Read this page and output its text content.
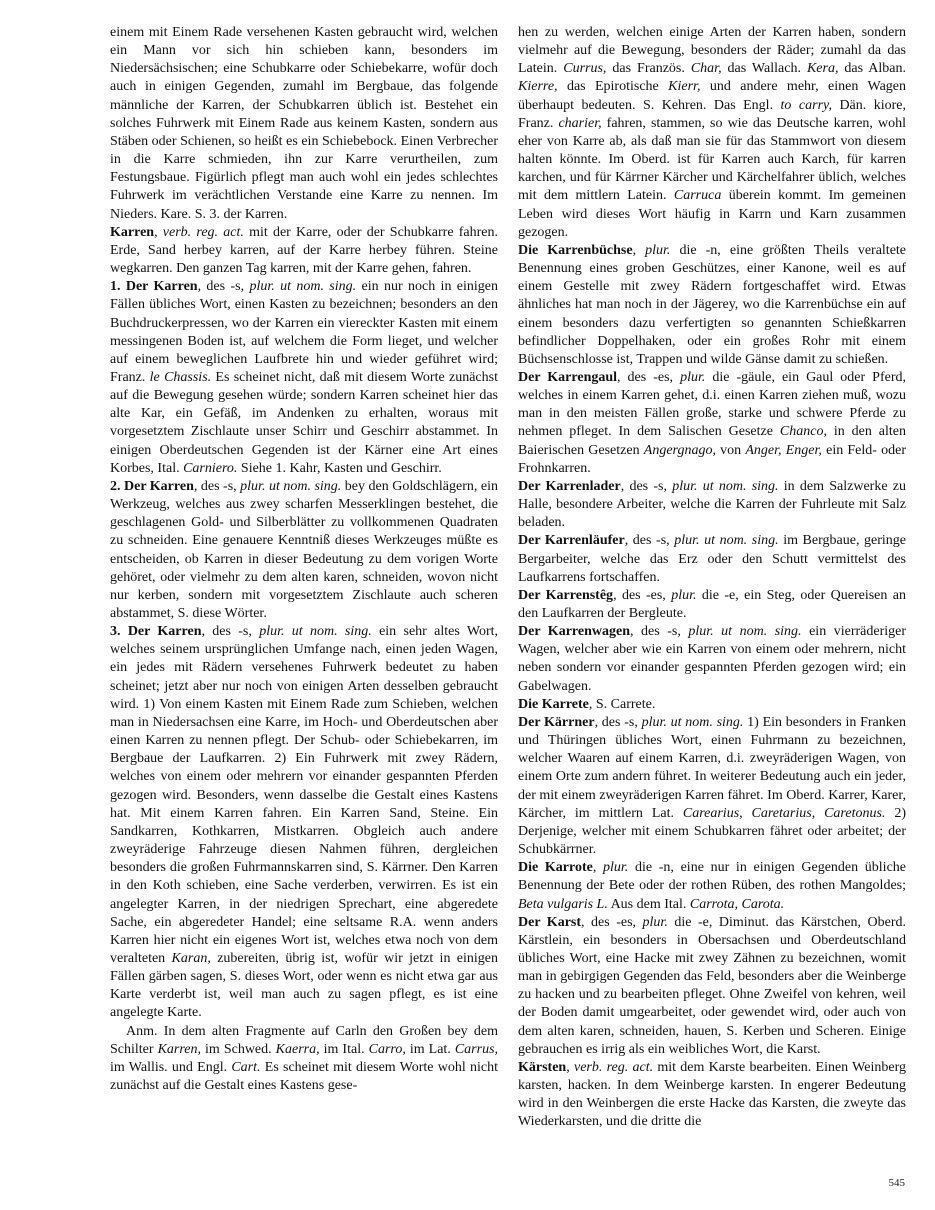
einem mit Einem Rade versehenen Kasten gebraucht wird, welchen ein Mann vor sich hin schieben kann, besonders im Niedersächsischen; eine Schubkarre oder Schiebekarre, wofür doch auch in einigen Gegenden, zumahl im Bergbaue, das folgende männliche der Karren, der Schubkarren üblich ist. Bestehet ein solches Fuhrwerk mit Einem Rade aus keinem Kasten, sondern aus Stäben oder Schienen, so heißt es ein Schiebebock. Einen Verbrecher in die Karre schmieden, ihn zur Karre verurtheilen, zum Festungsbaue. Figürlich pflegt man auch wohl ein jedes schlechtes Fuhrwerk im verächtlichen Verstande eine Karre zu nennen. Im Nieders. Kare. S. 3. der Karren.

Karren, verb. reg. act. mit der Karre, oder der Schubkarre fahren. Erde, Sand herbey karren, auf der Karre herbey führen. Steine wegkarren. Den ganzen Tag karren, mit der Karre gehen, fahren.

1. Der Karren, des -s, plur. ut nom. sing. ein nur noch in einigen Fällen übliches Wort, einen Kasten zu bezeichnen; besonders an den Buchdruckerpressen, wo der Karren ein viereckter Kasten mit einem messingenen Boden ist, auf welchem die Form lieget, und welcher auf einem beweglichen Laufbrete hin und wieder geführet wird; Franz. le Chassis. Es scheinet nicht, daß mit diesem Worte zunächst auf die Bewegung gesehen würde; sondern Karren scheinet hier das alte Kar, ein Gefäß, im Andenken zu erhalten, woraus mit vorgesetztem Zischlaute unser Schirr und Geschirr abstammet. In einigen Oberdeutschen Gegenden ist der Kärner eine Art eines Korbes, Ital. Carniero. Siehe 1. Kahr, Kasten und Geschirr.

2. Der Karren, des -s, plur. ut nom. sing. bey den Goldschlägern, ein Werkzeug, welches aus zwey scharfen Messerklingen bestehet, die geschlagenen Gold- und Silberblätter zu vollkommenen Quadraten zu schneiden. Eine genauere Kenntniß dieses Werkzeuges müßte es entscheiden, ob Karren in dieser Bedeutung zu dem vorigen Worte gehöret, oder vielmehr zu dem alten karen, schneiden, wovon nicht nur kerben, sondern mit vorgesetztem Zischlaute auch scheren abstammet, S. diese Wörter.

3. Der Karren, des -s, plur. ut nom. sing. ein sehr altes Wort, welches seinem ursprünglichen Umfange nach, einen jeden Wagen, ein jedes mit Rädern versehenes Fuhrwerk bedeutet zu haben scheinet; jetzt aber nur noch von einigen Arten desselben gebraucht wird. 1) Von einem Kasten mit Einem Rade zum Schieben, welchen man in Niedersachsen eine Karre, im Hoch- und Oberdeutschen aber einen Karren zu nennen pflegt. Der Schub- oder Schiebekarren, im Bergbaue der Laufkarren. 2) Ein Fuhrwerk mit zwey Rädern, welches von einem oder mehrern vor einander gespannten Pferden gezogen wird. Besonders, wenn dasselbe die Gestalt eines Kastens hat. Mit einem Karren fahren. Ein Karren Sand, Steine. Ein Sandkarren, Kothkarren, Mistkarren. Obgleich auch andere zweyräderige Fahrzeuge diesen Nahmen führen, dergleichen besonders die großen Fuhrmannskarren sind, S. Kärrner. Den Karren in den Koth schieben, eine Sache verderben, verwirren. Es ist ein angelegter Karren, in der niedrigen Sprechart, eine abgeredete Sache, ein abgeredeter Handel; eine seltsame R.A. wenn anders Karren hier nicht ein eigenes Wort ist, welches etwa noch von dem veralteten Karan, zubereiten, übrig ist, wofür wir jetzt in einigen Fällen gärben sagen, S. dieses Wort, oder wenn es nicht etwa gar aus Karte verderbt ist, weil man auch zu sagen pflegt, es ist eine angelegte Karte.

Anm. In dem alten Fragmente auf Carln den Großen bey dem Schilter Karren, im Schwed. Kaerra, im Ital. Carro, im Lat. Carrus, im Wallis. und Engl. Cart. Es scheinet mit diesem Worte wohl nicht zunächst auf die Gestalt eines Kastens gese-

hen zu werden, welchen einige Arten der Karren haben, sondern vielmehr auf die Bewegung, besonders der Räder; zumahl da das Latein. Currus, das Französ. Char, das Wallach. Kera, das Alban. Kierre, das Epirotische Kierr, und andere mehr, einen Wagen überhaupt bedeuten. S. Kehren. Das Engl. to carry, Dän. kiore, Franz. charier, fahren, stammen, so wie das Deutsche karren, wohl eher von Karre ab, als daß man sie für das Stammwort von diesem halten könnte. Im Oberd. ist für Karren auch Karch, für karren karchen, und für Kärrner Kärcher und Kärchelfahrer üblich, welches mit dem mittlern Latein. Carruca überein kommt. Im gemeinen Leben wird dieses Wort häufig in Karrn und Karn zusammen gezogen.

Die Karrenbüchse, plur. die -n, eine größten Theils veraltete Benennung eines groben Geschützes, einer Kanone, weil es auf einem Gestelle mit zwey Rädern fortgeschaffet wird. Etwas ähnliches hat man noch in der Jägerey, wo die Karrenbüchse ein auf einem besonders dazu verfertigten so genannten Schießkarren befindlicher Doppelhaken, oder ein großes Rohr mit einem Büchsenschlosse ist, Trappen und wilde Gänse damit zu schießen.

Der Karrengaul, des -es, plur. die -gäule, ein Gaul oder Pferd, welches in einem Karren gehet, d.i. einen Karren ziehen muß, wozu man in den meisten Fällen große, starke und schwere Pferde zu nehmen pfleget. In dem Salischen Gesetze Chanco, in den alten Baierischen Gesetzen Angergnago, von Anger, Enger, ein Feld- oder Frohnkarren.

Der Karrenlader, des -s, plur. ut nom. sing. in dem Salzwerke zu Halle, besondere Arbeiter, welche die Karren der Fuhrleute mit Salz beladen.

Der Karrenläufer, des -s, plur. ut nom. sing. im Bergbaue, geringe Bergarbeiter, welche das Erz oder den Schutt vermittelst des Laufkarrens fortschaffen.

Der Karrenstêg, des -es, plur. die -e, ein Steg, oder Quereisen an den Laufkarren der Bergleute.

Der Karrenwagen, des -s, plur. ut nom. sing. ein vierräderiger Wagen, welcher aber wie ein Karren von einem oder mehrern, nicht neben sondern vor einander gespannten Pferden gezogen wird; ein Gabelwagen.

Die Karrete, S. Carrete.

Der Kärrner, des -s, plur. ut nom. sing. 1) Ein besonders in Franken und Thüringen übliches Wort, einen Fuhrmann zu bezeichnen, welcher Waaren auf einem Karren, d.i. zweyräderigen Wagen, von einem Orte zum andern führet. In weiterer Bedeutung auch ein jeder, der mit einem zweyräderigen Karren fähret. Im Oberd. Karrer, Karer, Kärcher, im mittlern Lat. Carearius, Caretarius, Caretonus. 2) Derjenige, welcher mit einem Schubkarren fähret oder arbeitet; der Schubkärrner.

Die Karrote, plur. die -n, eine nur in einigen Gegenden übliche Benennung der Bete oder der rothen Rüben, des rothen Mangoldes; Beta vulgaris L. Aus dem Ital. Carrota, Carota.

Der Karst, des -es, plur. die -e, Diminut. das Kärstchen, Oberd. Kärstlein, ein besonders in Obersachsen und Oberdeutschland übliches Wort, eine Hacke mit zwey Zähnen zu bezeichnen, womit man in gebirgigen Gegenden das Feld, besonders aber die Weinberge zu hacken und zu bearbeiten pfleget. Ohne Zweifel von kehren, weil der Boden damit umgearbeitet, oder gewendet wird, oder auch von dem alten karen, schneiden, hauen, S. Kerben und Scheren. Einige gebrauchen es irrig als ein weibliches Wort, die Karst.

Kärsten, verb. reg. act. mit dem Karste bearbeiten. Einen Weinberg karsten, hacken. In dem Weinberge karsten. In engerer Bedeutung wird in den Weinbergen die erste Hacke das Karsten, die zweyte das Wiederkarsten, und die dritte die

545
